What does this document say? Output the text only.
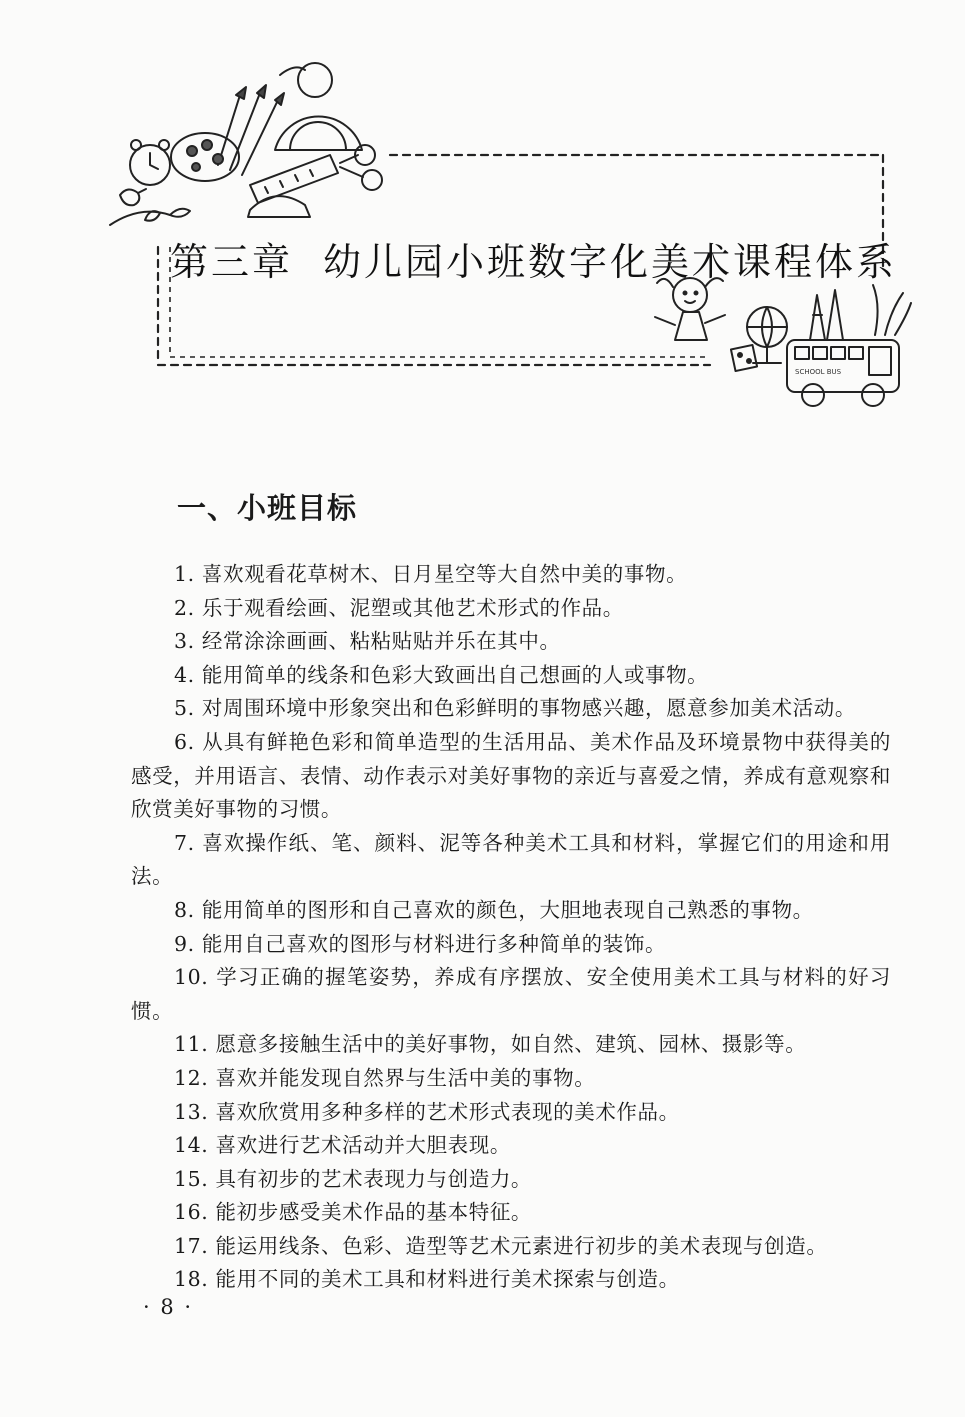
SCHOOL BUS
第三章 幼儿园小班数字化美术课程体系
一、小班目标
1. 喜欢观看花草树木、日月星空等大自然中美的事物。
2. 乐于观看绘画、泥塑或其他艺术形式的作品。
3. 经常涂涂画画、粘粘贴贴并乐在其中。
4. 能用简单的线条和色彩大致画出自己想画的人或事物。
5. 对周围环境中形象突出和色彩鲜明的事物感兴趣，愿意参加美术活动。
6. 从具有鲜艳色彩和简单造型的生活用品、美术作品及环境景物中获得美的感受，并用语言、表情、动作表示对美好事物的亲近与喜爱之情，养成有意观察和欣赏美好事物的习惯。
7. 喜欢操作纸、笔、颜料、泥等各种美术工具和材料，掌握它们的用途和用法。
8. 能用简单的图形和自己喜欢的颜色，大胆地表现自己熟悉的事物。
9. 能用自己喜欢的图形与材料进行多种简单的装饰。
10. 学习正确的握笔姿势，养成有序摆放、安全使用美术工具与材料的好习惯。
11. 愿意多接触生活中的美好事物，如自然、建筑、园林、摄影等。
12. 喜欢并能发现自然界与生活中美的事物。
13. 喜欢欣赏用多种多样的艺术形式表现的美术作品。
14. 喜欢进行艺术活动并大胆表现。
15. 具有初步的艺术表现力与创造力。
16. 能初步感受美术作品的基本特征。
17. 能运用线条、色彩、造型等艺术元素进行初步的美术表现与创造。
18. 能用不同的美术工具和材料进行美术探索与创造。
· 8 ·
